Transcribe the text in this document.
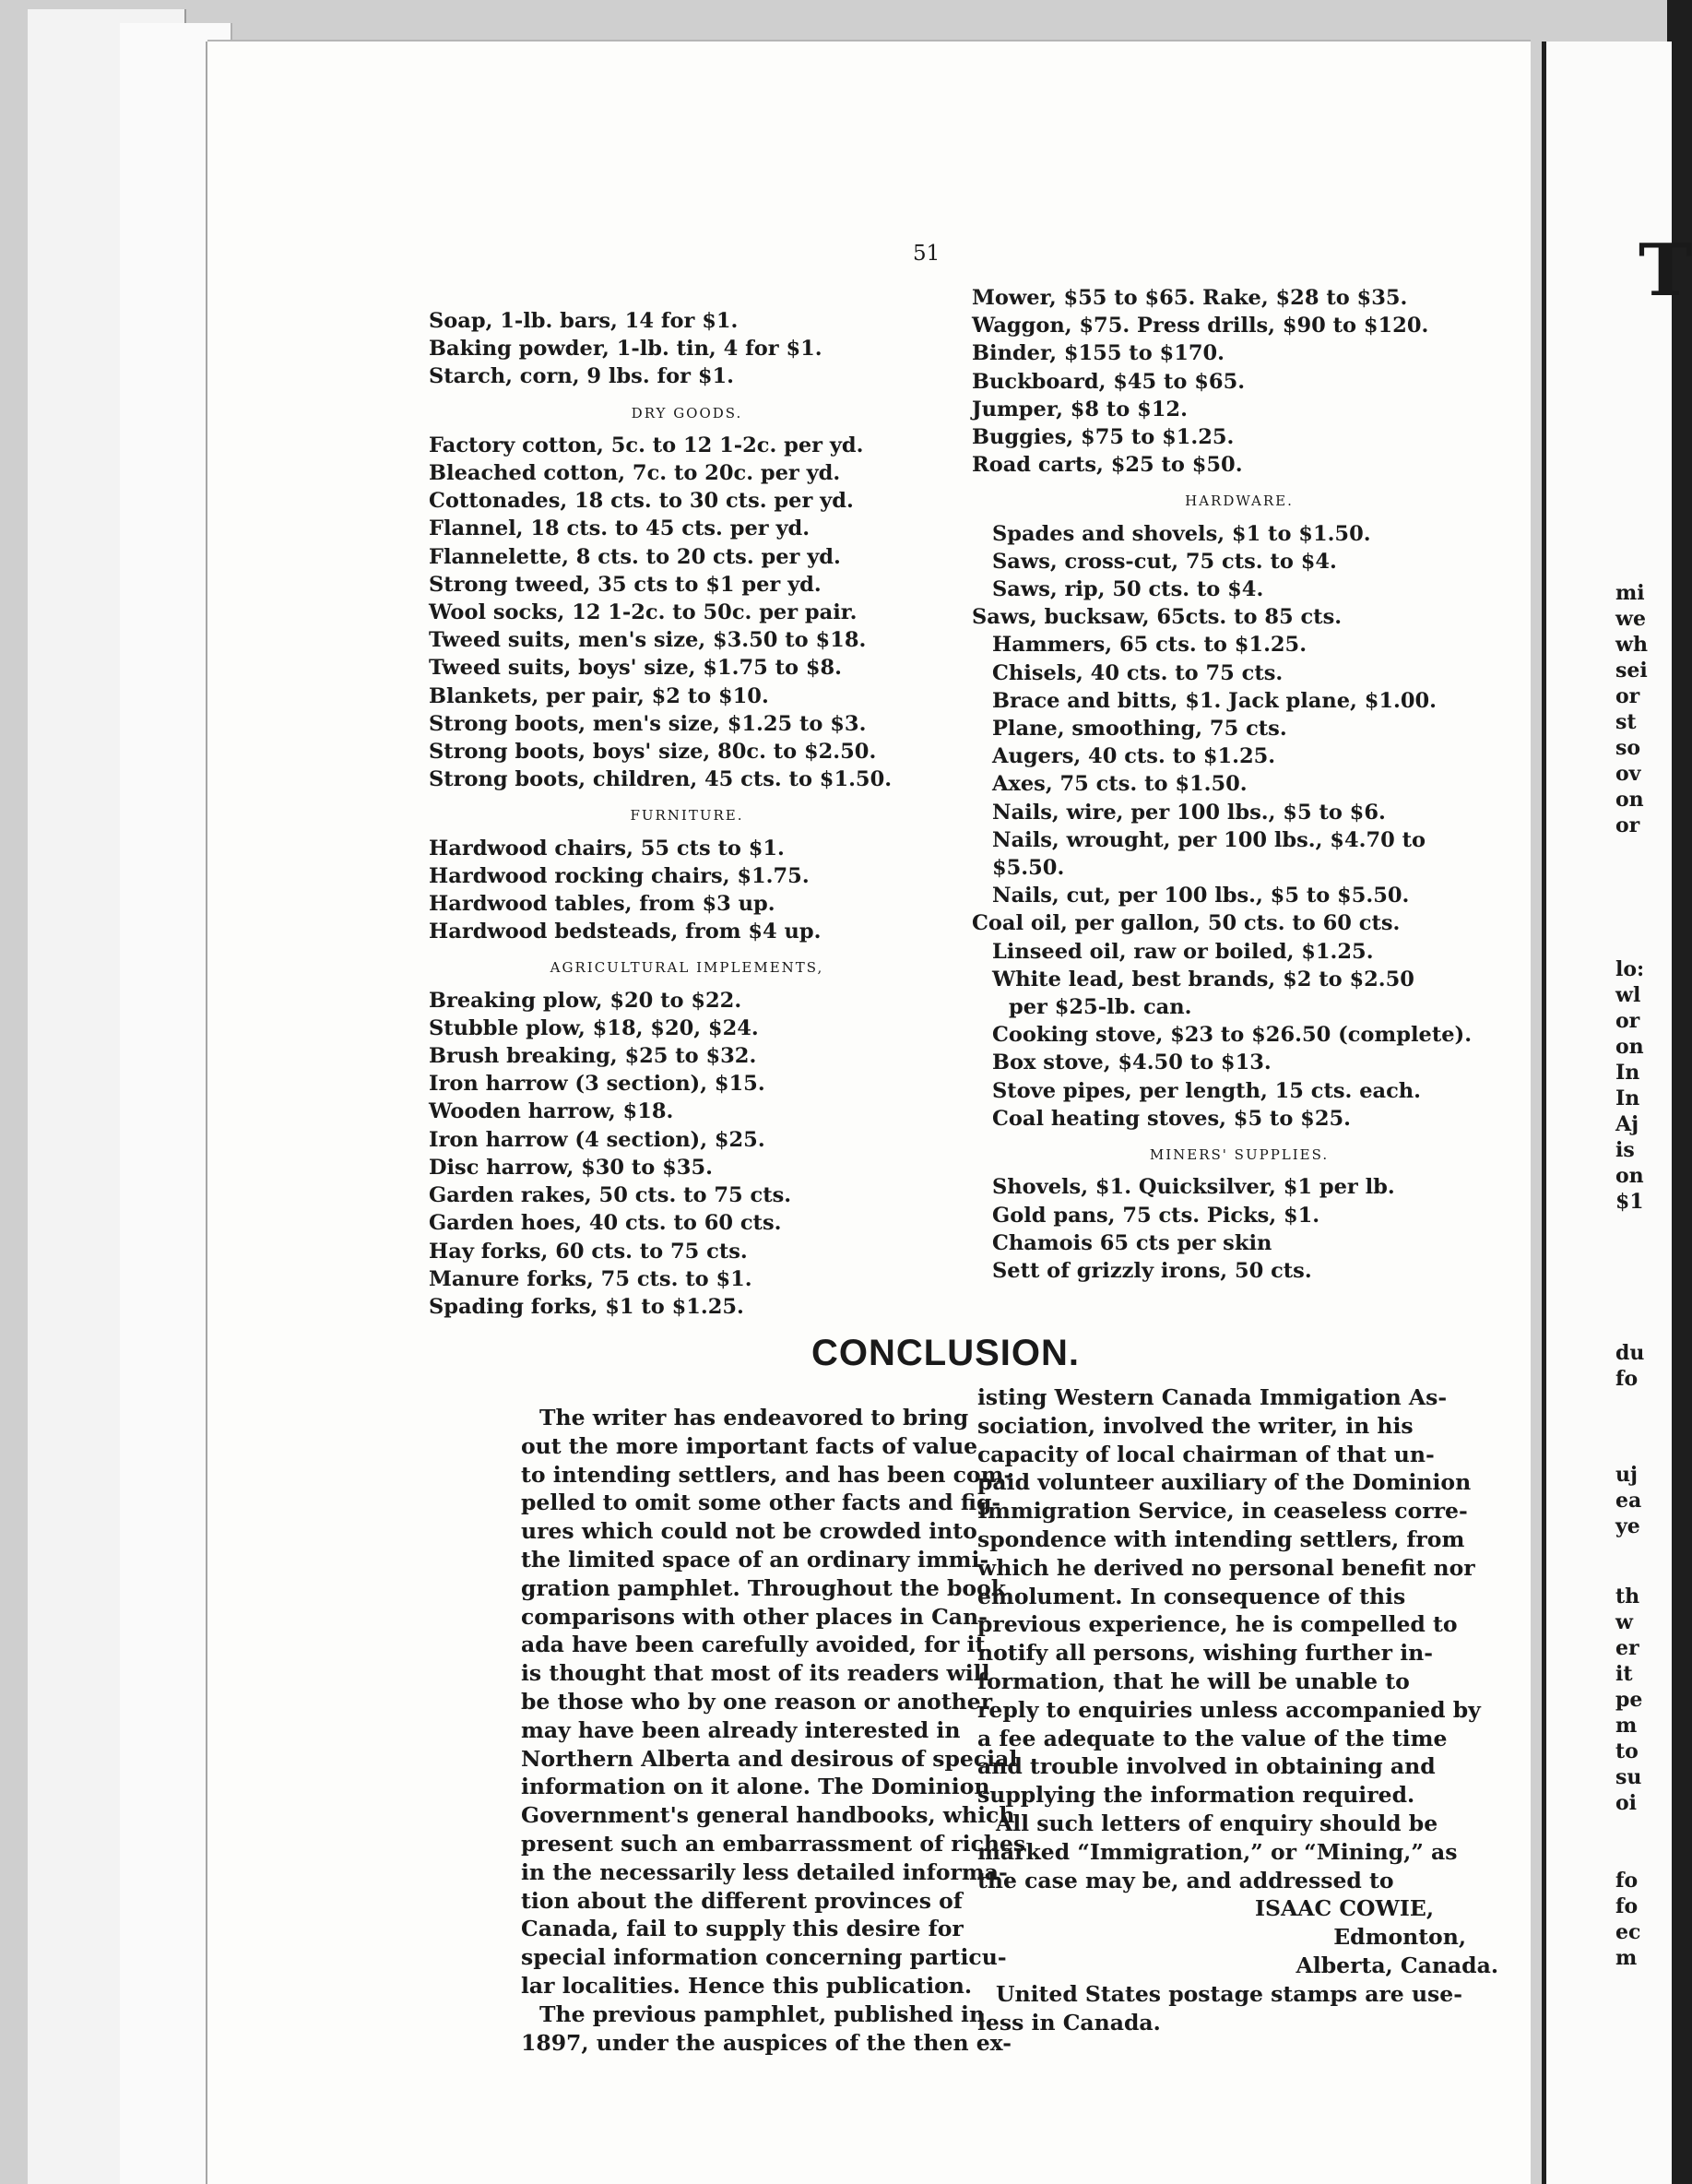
T
mi
we
wh
sei
or
st
so
ov
on
or
lo:
wl
or
on
In
In
Aj
is
on
$1
du
fo
uj
ea
ye
th
w
er
it
pe
m
to
su
oi
fo
fo
ec
m
51
Soap, 1-lb. bars, 14 for $1.
Baking powder, 1-lb. tin, 4 for $1.
Starch, corn, 9 lbs. for $1.
DRY GOODS.
Factory cotton, 5c. to 12 1-2c. per yd.
Bleached cotton, 7c. to 20c. per yd.
Cottonades, 18 cts. to 30 cts. per yd.
Flannel, 18 cts. to 45 cts. per yd.
Flannelette, 8 cts. to 20 cts. per yd.
Strong tweed, 35 cts to $1 per yd.
Wool socks, 12 1-2c. to 50c. per pair.
Tweed suits, men's size, $3.50 to $18.
Tweed suits, boys' size, $1.75 to $8.
Blankets, per pair, $2 to $10.
Strong boots, men's size, $1.25 to $3.
Strong boots, boys' size, 80c. to $2.50.
Strong boots, children, 45 cts. to $1.50.
FURNITURE.
Hardwood chairs, 55 cts to $1.
Hardwood rocking chairs, $1.75.
Hardwood tables, from $3 up.
Hardwood bedsteads, from $4 up.
AGRICULTURAL IMPLEMENTS,
Breaking plow, $20 to $22.
Stubble plow, $18, $20, $24.
Brush breaking, $25 to $32.
Iron harrow (3 section), $15.
Wooden harrow, $18.
Iron harrow (4 section), $25.
Disc harrow, $30 to $35.
Garden rakes, 50 cts. to 75 cts.
Garden hoes, 40 cts. to 60 cts.
Hay forks, 60 cts. to 75 cts.
Manure forks, 75 cts. to $1.
Spading forks, $1 to $1.25.
Mower, $55 to $65. Rake, $28 to $35.
Waggon, $75. Press drills, $90 to $120.
Binder, $155 to $170.
Buckboard, $45 to $65.
Jumper, $8 to $12.
Buggies, $75 to $1.25.
Road carts, $25 to $50.
HARDWARE.
Spades and shovels, $1 to $1.50.
Saws, cross-cut, 75 cts. to $4.
Saws, rip, 50 cts. to $4.
Saws, bucksaw, 65cts. to 85 cts.
Hammers, 65 cts. to $1.25.
Chisels, 40 cts. to 75 cts.
Brace and bitts, $1. Jack plane, $1.00.
Plane, smoothing, 75 cts.
Augers, 40 cts. to $1.25.
Axes, 75 cts. to $1.50.
Nails, wire, per 100 lbs., $5 to $6.
Nails, wrought, per 100 lbs., $4.70 to
$5.50.
Nails, cut, per 100 lbs., $5 to $5.50.
Coal oil, per gallon, 50 cts. to 60 cts.
Linseed oil, raw or boiled, $1.25.
White lead, best brands, $2 to $2.50
per $25-lb. can.
Cooking stove, $23 to $26.50 (complete).
Box stove, $4.50 to $13.
Stove pipes, per length, 15 cts. each.
Coal heating stoves, $5 to $25.
MINERS' SUPPLIES.
Shovels, $1. Quicksilver, $1 per lb.
Gold pans, 75 cts. Picks, $1.
Chamois 65 cts per skin
Sett of grizzly irons, 50 cts.
CONCLUSION.
The writer has endeavored to bring
out the more important facts of value
to intending settlers, and has been com-
pelled to omit some other facts and fig-
ures which could not be crowded into
the limited space of an ordinary immi-
gration pamphlet. Throughout the book
comparisons with other places in Can-
ada have been carefully avoided, for it
is thought that most of its readers will
be those who by one reason or another
may have been already interested in
Northern Alberta and desirous of special
information on it alone. The Dominion
Government's general handbooks, which
present such an embarrassment of riches
in the necessarily less detailed informa-
tion about the different provinces of
Canada, fail to supply this desire for
special information concerning particu-
lar localities. Hence this publication.
The previous pamphlet, published in
1897, under the auspices of the then ex-
isting Western Canada Immigation As-
sociation, involved the writer, in his
capacity of local chairman of that un-
paid volunteer auxiliary of the Dominion
Immigration Service, in ceaseless corre-
spondence with intending settlers, from
which he derived no personal benefit nor
emolument. In consequence of this
previous experience, he is compelled to
notify all persons, wishing further in-
formation, that he will be unable to
reply to enquiries unless accompanied by
a fee adequate to the value of the time
and trouble involved in obtaining and
supplying the information required.
All such letters of enquiry should be
marked “Immigration,” or “Mining,” as
the case may be, and addressed to
ISAAC COWIE,
Edmonton,
Alberta, Canada.
United States postage stamps are use-
less in Canada.
